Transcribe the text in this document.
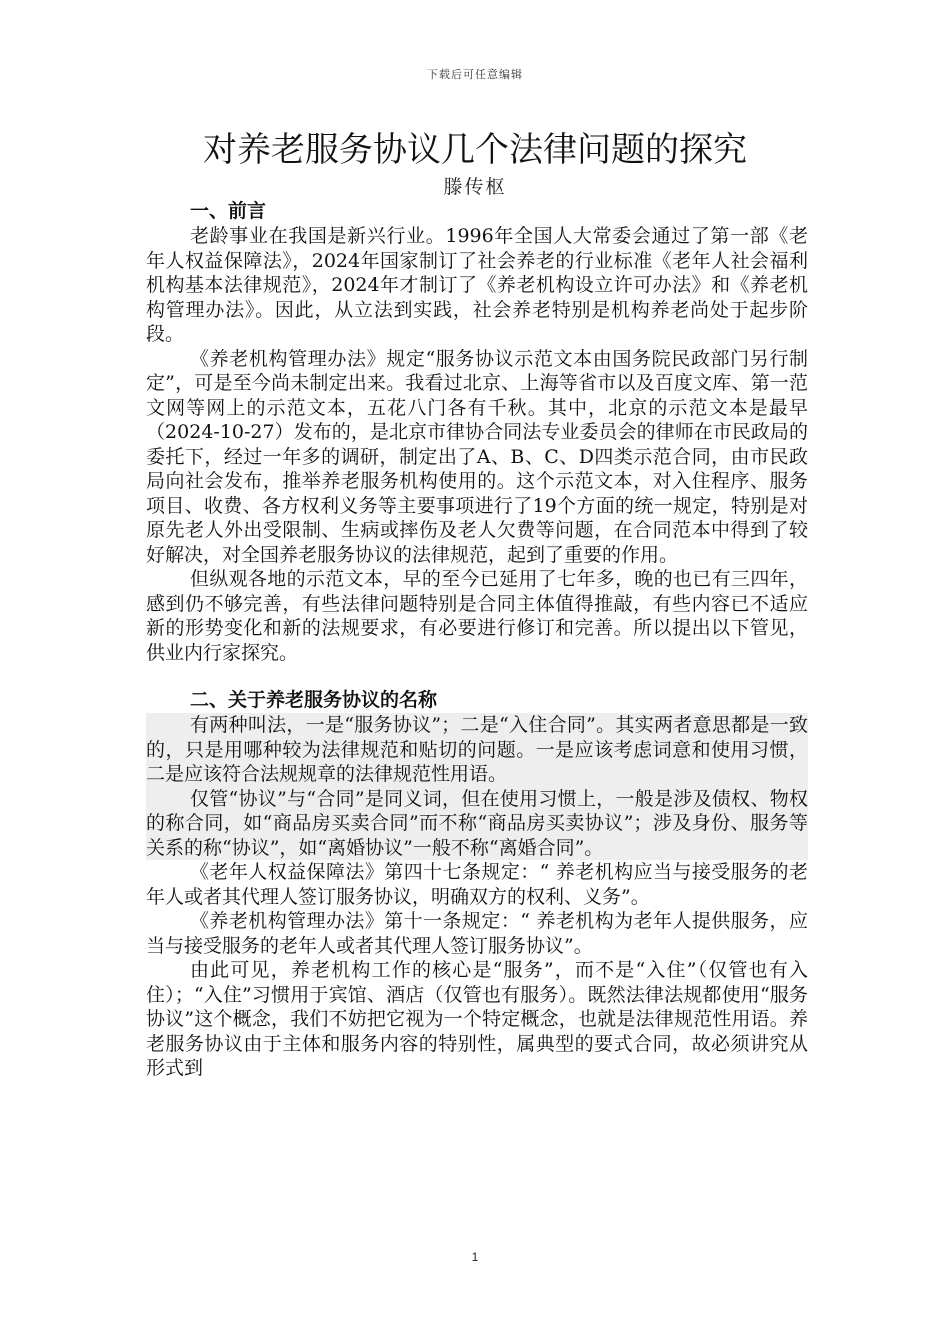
下载后可任意编辑
对养老服务协议几个法律问题的探究
滕传枢

一、前言

老龄事业在我国是新兴行业。1996年全国人大常委会通过了第一部《老年人权益保障法》，2024年国家制订了社会养老的行业标准《老年人社会福利机构基本法律规范》，2024年才制订了《养老机构设立许可办法》和《养老机构管理办法》。因此，从立法到实践，社会养老特别是机构养老尚处于起步阶段。

《养老机构管理办法》规定“服务协议示范文本由国务院民政部门另行制定”，可是至今尚未制定出来。我看过北京、上海等省市以及百度文库、第一范文网等网上的示范文本，五花八门各有千秋。其中，北京的示范文本是最早（2024-10-27）发布的，是北京市律协合同法专业委员会的律师在市民政局的委托下，经过一年多的调研，制定出了A、B、C、D四类示范合同，由市民政局向社会发布，推举养老服务机构使用的。这个示范文本，对入住程序、服务项目、收费、各方权利义务等主要事项进行了19个方面的统一规定，特别是对原先老人外出受限制、生病或摔伤及老人欠费等问题，在合同范本中得到了较好解决，对全国养老服务协议的法律规范，起到了重要的作用。

但纵观各地的示范文本，早的至今已延用了七年多，晚的也已有三四年，感到仍不够完善，有些法律问题特别是合同主体值得推敲，有些内容已不适应新的形势变化和新的法规要求，有必要进行修订和完善。所以提出以下管见，供业内行家探究。

二、关于养老服务协议的名称

有两种叫法，一是“服务协议”；二是“入住合同”。其实两者意思都是一致的，只是用哪种较为法律规范和贴切的问题。一是应该考虑词意和使用习惯，二是应该符合法规规章的法律规范性用语。

仅管“协议”与“合同”是同义词，但在使用习惯上，一般是涉及债权、物权的称合同，如“商品房买卖合同”而不称“商品房买卖协议”；涉及身份、服务等关系的称“协议”，如“离婚协议”一般不称“离婚合同”。

《老年人权益保障法》第四十七条规定：“ 养老机构应当与接受服务的老年人或者其代理人签订服务协议，明确双方的权利、义务”。

《养老机构管理办法》第十一条规定：“ 养老机构为老年人提供服务，应当与接受服务的老年人或者其代理人签订服务协议”。

由此可见，养老机构工作的核心是“服务”，而不是“入住”（仅管也有入住）；“入住”习惯用于宾馆、酒店（仅管也有服务）。既然法律法规都使用“服务协议”这个概念，我们不妨把它视为一个特定概念，也就是法律规范性用语。养老服务协议由于主体和服务内容的特别性，属典型的要式合同，故必须讲究从形式到

1
